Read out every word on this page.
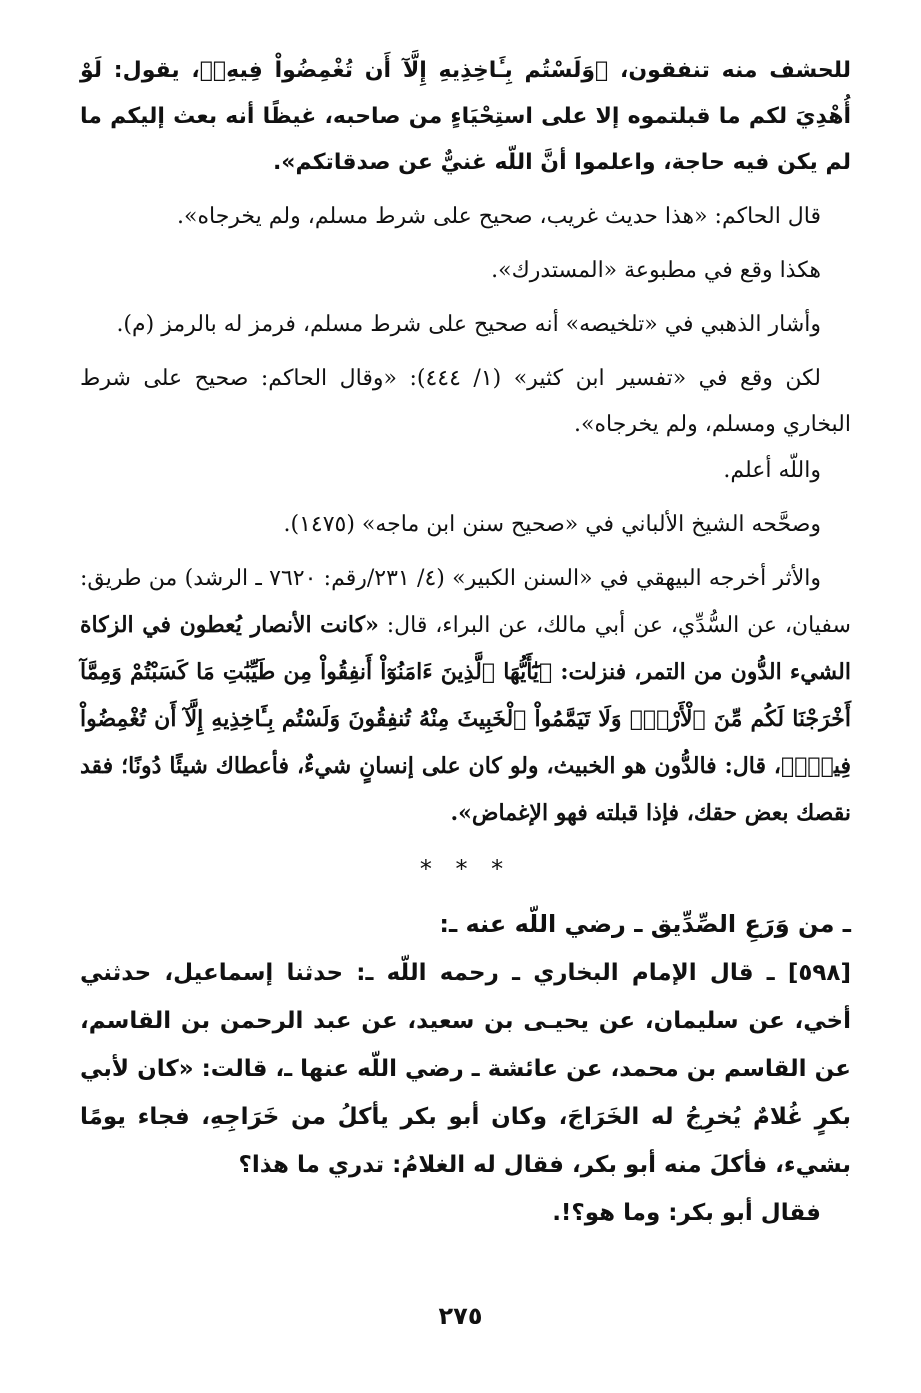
للحشف منه تنفقون، ﴿وَلَسْتُم بِـَٔاخِذِيهِ إِلَّآ أَن تُغْمِضُواْ فِيهِۚ﴾، يقول: لَوْ أُهْدِيَ لكم ما قبلتموه إلا على استِحْيَاءٍ من صاحبه، غيظًا أنه بعث إليكم ما لم يكن فيه حاجة، واعلموا أنَّ اللّه غنيٌّ عن صدقاتكم».

قال الحاكم: «هذا حديث غريب، صحيح على شرط مسلم، ولم يخرجاه».

هكذا وقع في مطبوعة «المستدرك».

وأشار الذهبي في «تلخيصه» أنه صحيح على شرط مسلم، فرمز له بالرمز (م).

لكن وقع في «تفسير ابن كثير» (١/ ٤٤٤): «وقال الحاكم: صحيح على شرط البخاري ومسلم، ولم يخرجاه».

واللّه أعلم.

وصحَّحه الشيخ الألباني في «صحيح سنن ابن ماجه» (١٤٧٥).

والأثر أخرجه البيهقي في «السنن الكبير» (٤/ ٢٣١/رقم: ٧٦٢٠ ـ الرشد) من طريق: سفيان، عن السُّدِّي، عن أبي مالك، عن البراء، قال: «كانت الأنصار يُعطون في الزكاة الشيء الدُّون من التمر، فنزلت: ﴿يَٰٓأَيُّهَا ٱلَّذِينَ ءَامَنُوٓاْ أَنفِقُواْ مِن طَيِّبَٰتِ مَا كَسَبْتُمْ وَمِمَّآ أَخْرَجْنَا لَكُم مِّنَ ٱلْأَرْضِۖ وَلَا تَيَمَّمُواْ ٱلْخَبِيثَ مِنْهُ تُنفِقُونَ وَلَسْتُم بِـَٔاخِذِيهِ إِلَّآ أَن تُغْمِضُواْ فِيهِۚ﴾، قال: فالدُّون هو الخبيث، ولو كان على إنسانٍ شيءٌ، فأعطاك شيئًا دُونًا؛ فقد نقصك بعض حقك، فإذا قبلته فهو الإغماض».

* * *

ـ من وَرَعِ الصِّدِّيق ـ رضي اللّه عنه ـ:

[٥٩٨] ـ قال الإمام البخاري ـ رحمه اللّه ـ: حدثنا إسماعيل، حدثني أخي، عن سليمان، عن يحيـى بن سعيد، عن عبد الرحمن بن القاسم، عن القاسم بن محمد، عن عائشة ـ رضي اللّه عنها ـ، قالت: «كان لأبي بكرٍ غُلامٌ يُخرِجُ له الخَرَاجَ، وكان أبو بكر يأكلُ من خَرَاجِهِ، فجاء يومًا بشيء، فأكلَ منه أبو بكر، فقال له الغلامُ: تدري ما هذا؟

فقال أبو بكر: وما هو؟!.

٢٧٥
